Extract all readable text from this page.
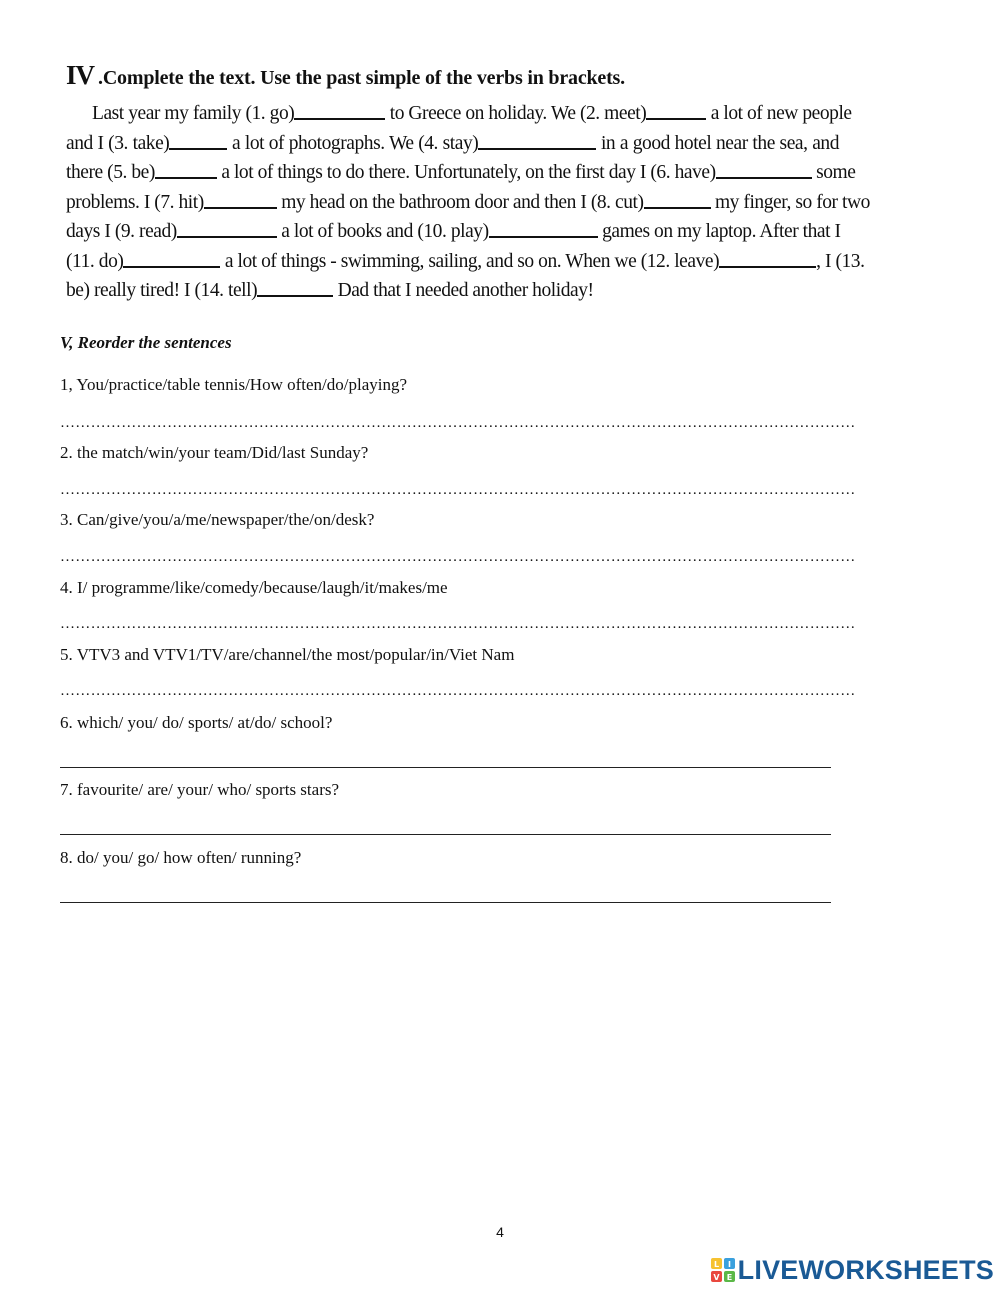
IV .Complete the text. Use the past simple of the verbs in brackets.
Last year my family (1. go)	to Greece on holiday. We (2. meet)	a lot of new people
and I (3. take)	a lot of photographs. We (4. stay)	in a good hotel near the sea, and
there (5. be)	a lot of things to do there. Unfortunately, on the first day I (6. have)	some
problems. I (7. hit)	my head on the bathroom door and then I (8. cut)	my finger, so for two
days I (9. read)	a lot of books and (10. play)	games on my laptop. After that I
(11. do)	a lot of things - swimming, sailing, and so on. When we (12. leave)	, I (13.
be) really tired! I (14. tell)	Dad that I needed another holiday!
V, Reorder the sentences

1, You/practice/table tennis/How often/do/playing?

…………………………………………………………………………………………………………………………………………

2. the match/win/your team/Did/last Sunday?

…………………………………………………………………………………………………………………………………………

3. Can/give/you/a/me/newspaper/the/on/desk?

…………………………………………………………………………………………………………………………………………

4. I/ programme/like/comedy/because/laugh/it/makes/me

…………………………………………………………………………………………………………………………………………

5. VTV3 and VTV1/TV/are/channel/the most/popular/in/Viet Nam

…………………………………………………………………………………………………………………………………………

6. which/ you/ do/ sports/ at/do/ school?

7. favourite/ are/ your/ who/ sports stars?

8. do/ you/ go/ how often/ running?

4
L I
V E LIVEWORKSHEETS
